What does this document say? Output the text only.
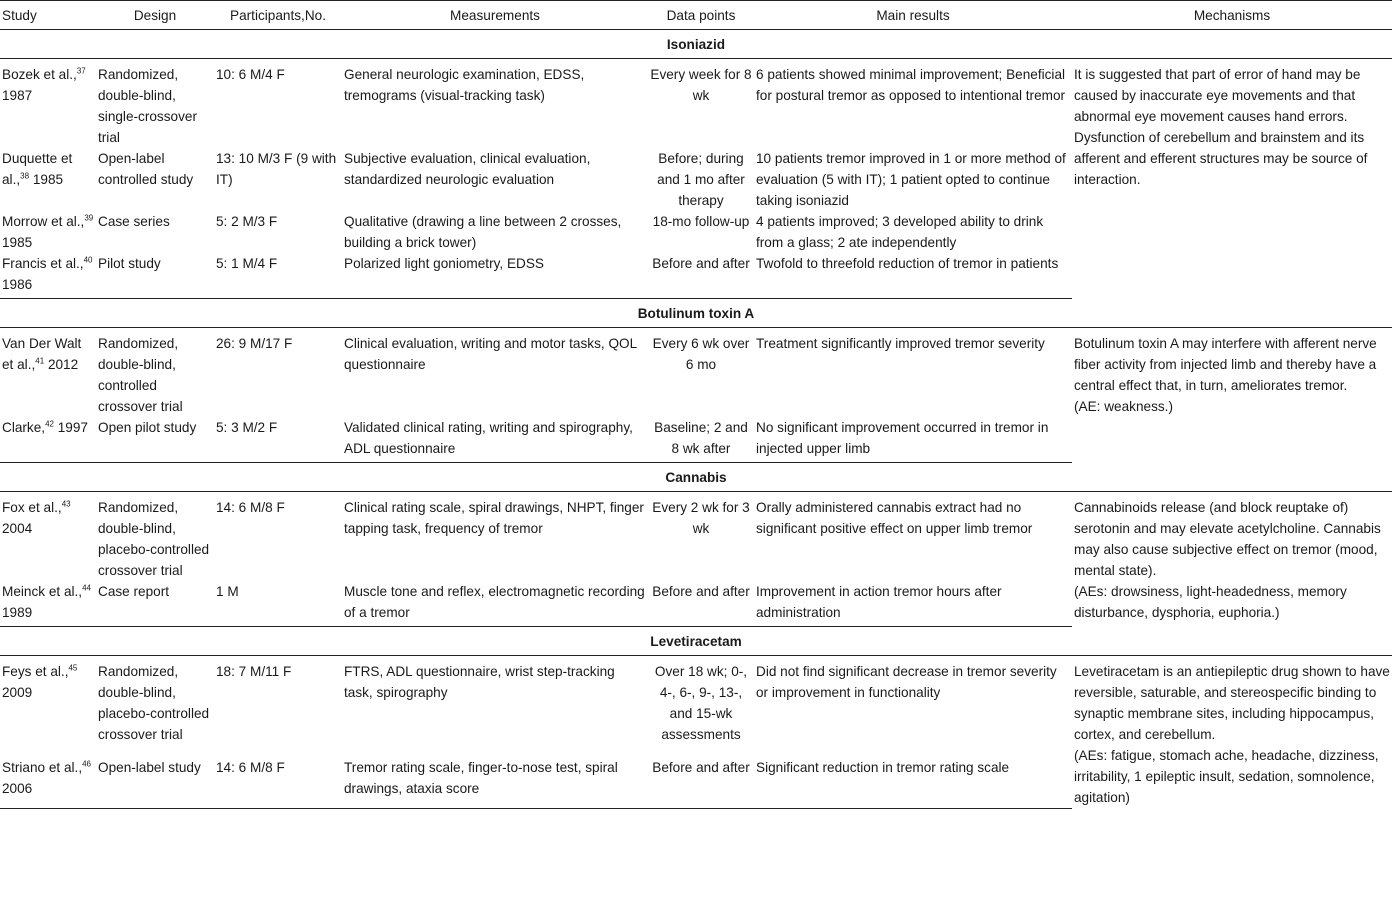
Study	Design	Participants,No.	Measurements	Data points	Main results	Mechanisms
Isoniazid						
Bozek et al.,$^{37}$ 1987	Randomized, double-blind, single-crossover trial	10: 6 M/4 F	General neurologic examination, EDSS, tremograms (visual-tracking task)	Every week for 8 wk	6 patients showed minimal improvement; Beneficial for postural tremor as opposed to intentional tremor	It is suggested that part of error of hand may be caused by inaccurate eye movements and that abnormal eye movement causes hand errors. Dysfunction of cerebellum and brainstem and its afferent and efferent structures may be source of interaction.
Duquette et al.,$^{38}$ 1985	Open-label controlled study	13: 10 M/3 F (9 with IT)	Subjective evaluation, clinical evaluation, standardized neurologic evaluation	Before; during and 1 mo after therapy	10 patients tremor improved in 1 or more method of evaluation (5 with IT); 1 patient opted to continue taking isoniazid	
Morrow et al.,$^{39}$ 1985	Case series	5: 2 M/3 F	Qualitative (drawing a line between 2 crosses, building a brick tower)	18-mo follow-up	4 patients improved; 3 developed ability to drink from a glass; 2 ate independently	
Francis et al.,$^{40}$ 1986	Pilot study	5: 1 M/4 F	Polarized light goniometry, EDSS	Before and after	Twofold to threefold reduction of tremor in patients	
Botulinum toxin A						
Van Der Walt et al.,$^{41}$ 2012	Randomized, double-blind, controlled crossover trial	26: 9 M/17 F	Clinical evaluation, writing and motor tasks, QOL questionnaire	Every 6 wk over 6 mo	Treatment significantly improved tremor severity	Botulinum toxin A may interfere with afferent nerve fiber activity from injected limb and thereby have a central effect that, in turn, ameliorates tremor.
(AE: weakness.)
Clarke,$^{42}$ 1997	Open pilot study	5: 3 M/2 F	Validated clinical rating, writing and spirography, ADL questionnaire	Baseline; 2 and 8 wk after	No significant improvement occurred in tremor in injected upper limb	
Cannabis						
Fox et al.,$^{43}$ 2004	Randomized, double-blind, placebo-controlled crossover trial	14: 6 M/8 F	Clinical rating scale, spiral drawings, NHPT, finger tapping task, frequency of tremor	Every 2 wk for 3 wk	Orally administered cannabis extract had no significant positive effect on upper limb tremor	Cannabinoids release (and block reuptake of) serotonin and may elevate acetylcholine. Cannabis may also cause subjective effect on tremor (mood, mental state).
(AEs: drowsiness, light-headedness, memory disturbance, dysphoria, euphoria.)
Meinck et al.,$^{44}$ 1989	Case report	1 M	Muscle tone and reflex, electromagnetic recording of a tremor	Before and after	Improvement in action tremor hours after administration	
Levetiracetam						
Feys et al.,$^{45}$ 2009	Randomized, double-blind, placebo-controlled crossover trial	18: 7 M/11 F	FTRS, ADL questionnaire, wrist step-tracking task, spirography	Over 18 wk; 0-, 4-, 6-, 9-, 13-, and 15-wk assessments	Did not find significant decrease in tremor severity or improvement in functionality	Levetiracetam is an antiepileptic drug shown to have reversible, saturable, and stereospecific binding to synaptic membrane sites, including hippocampus, cortex, and cerebellum.
(AEs: fatigue, stomach ache, headache, dizziness, irritability, 1 epileptic insult, sedation, somnolence, agitation)
Striano et al.,$^{46}$ 2006	Open-label study	14: 6 M/8 F	Tremor rating scale, finger-to-nose test, spiral drawings, ataxia score	Before and after	Significant reduction in tremor rating scale	
